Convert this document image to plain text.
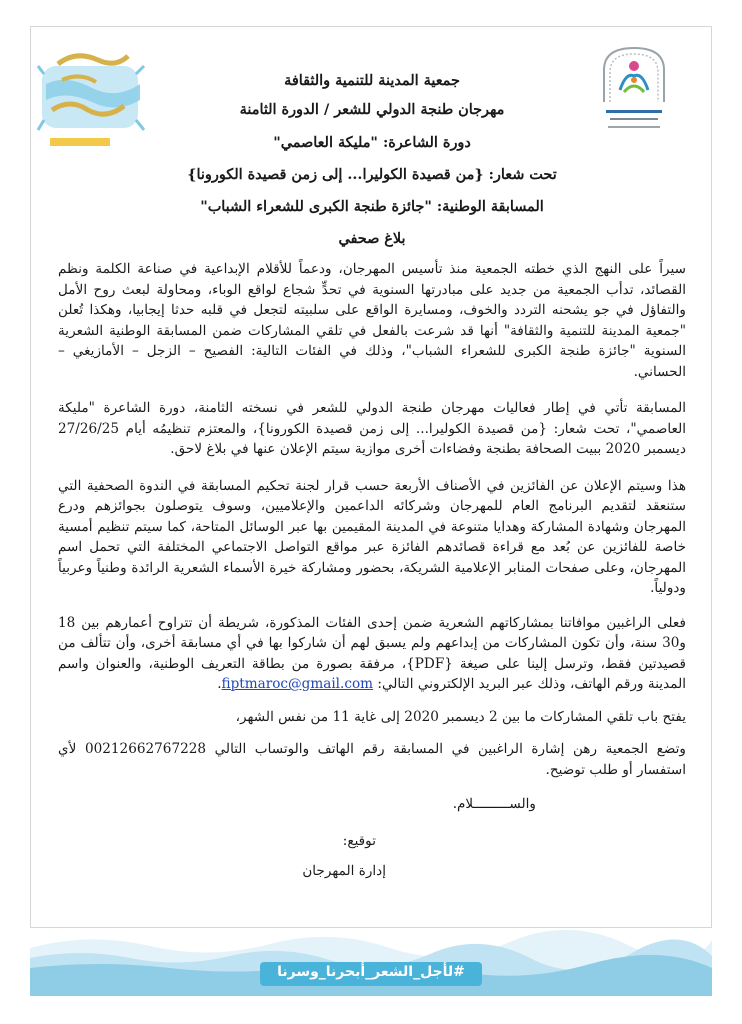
جمعية المدينة للتنمية والثقافة
مهرجان طنجة الدولي للشعر / الدورة الثامنة
دورة الشاعرة: "مليكة العاصمي"
تحت شعار: {من قصيدة الكوليرا... إلى زمن قصيدة الكورونا}
المسابقة الوطنية: "جائزة طنجة الكبرى للشعراء الشباب"
بلاغ صحفي

سيراً على النهج الذي خطته الجمعية منذ تأسيس المهرجان، ودعماً للأقلام الإبداعية في صناعة الكلمة ونظم القصائد، تدأب الجمعية من جديد على مبادرتها السنوية في تحدٍّ شجاع لواقع الوباء، ومحاولة لبعث روح الأمل والتفاؤل في جو يشحنه التردد والخوف، ومسايرة الواقع على سلبيته لتجعل في قلبه حدثا إيجابيا، وهكذا تُعلن "جمعية المدينة للتنمية والثقافة" أنها قد شرعت بالفعل في تلقي المشاركات ضمن المسابقة الوطنية الشعرية السنوية "جائزة طنجة الكبرى للشعراء الشباب"، وذلك في الفئات التالية: الفصيح – الزجل – الأمازيغي – الحساني.

المسابقة تأتي في إطار فعاليات مهرجان طنجة الدولي للشعر في نسخته الثامنة، دورة الشاعرة "مليكة العاصمي"، تحت شعار: {من قصيدة الكوليرا... إلى زمن قصيدة الكورونا}، والمعتزم تنظيمُه أيام 27/26/25 ديسمبر 2020 ببيت الصحافة بطنجة وفضاءات أخرى موازية سيتم الإعلان عنها في بلاغ لاحق.

هذا وسيتم الإعلان عن الفائزين في الأصناف الأربعة حسب قرار لجنة تحكيم المسابقة في الندوة الصحفية التي ستنعقد لتقديم البرنامج العام للمهرجان وشركائه الداعمين والإعلاميين، وسوف يتوصلون بجوائزهم ودرع المهرجان وشهادة المشاركة وهدايا متنوعة في المدينة المقيمين بها عبر الوسائل المتاحة، كما سيتم تنظيم أمسية خاصة للفائزين عن بُعد مع قراءة قصائدهم الفائزة عبر مواقع التواصل الاجتماعي المختلفة التي تحمل اسم المهرجان، وعلى صفحات المنابر الإعلامية الشريكة، بحضور ومشاركة خيرة الأسماء الشعرية الرائدة وطنياً وعربياً ودولياً.

فعلى الراغبين موافاتنا بمشاركاتهم الشعرية ضمن إحدى الفئات المذكورة، شريطة أن تتراوح أعمارهم بين 18 و30 سنة، وأن تكون المشاركات من إبداعهم ولم يسبق لهم أن شاركوا بها في أي مسابقة أخرى، وأن تتألف من قصيدتين فقط، وترسل إلينا على صيغة {PDF}، مرفقة بصورة من بطاقة التعريف الوطنية، والعنوان واسم المدينة ورقم الهاتف، وذلك عبر البريد الإلكتروني التالي: fiptmaroc@gmail.com.

يفتح باب تلقي المشاركات ما بين 2 ديسمبر 2020 إلى غاية 11 من نفس الشهر،

وتضع الجمعية رهن إشارة الراغبين في المسابقة رقم الهاتف والوتساب التالي 00212662767228 لأي استفسار أو طلب توضيح.

والســـــــــلام.
توقيع:
إدارة المهرجان
#لأجل_الشعر_أبحرنا_وسرنا
